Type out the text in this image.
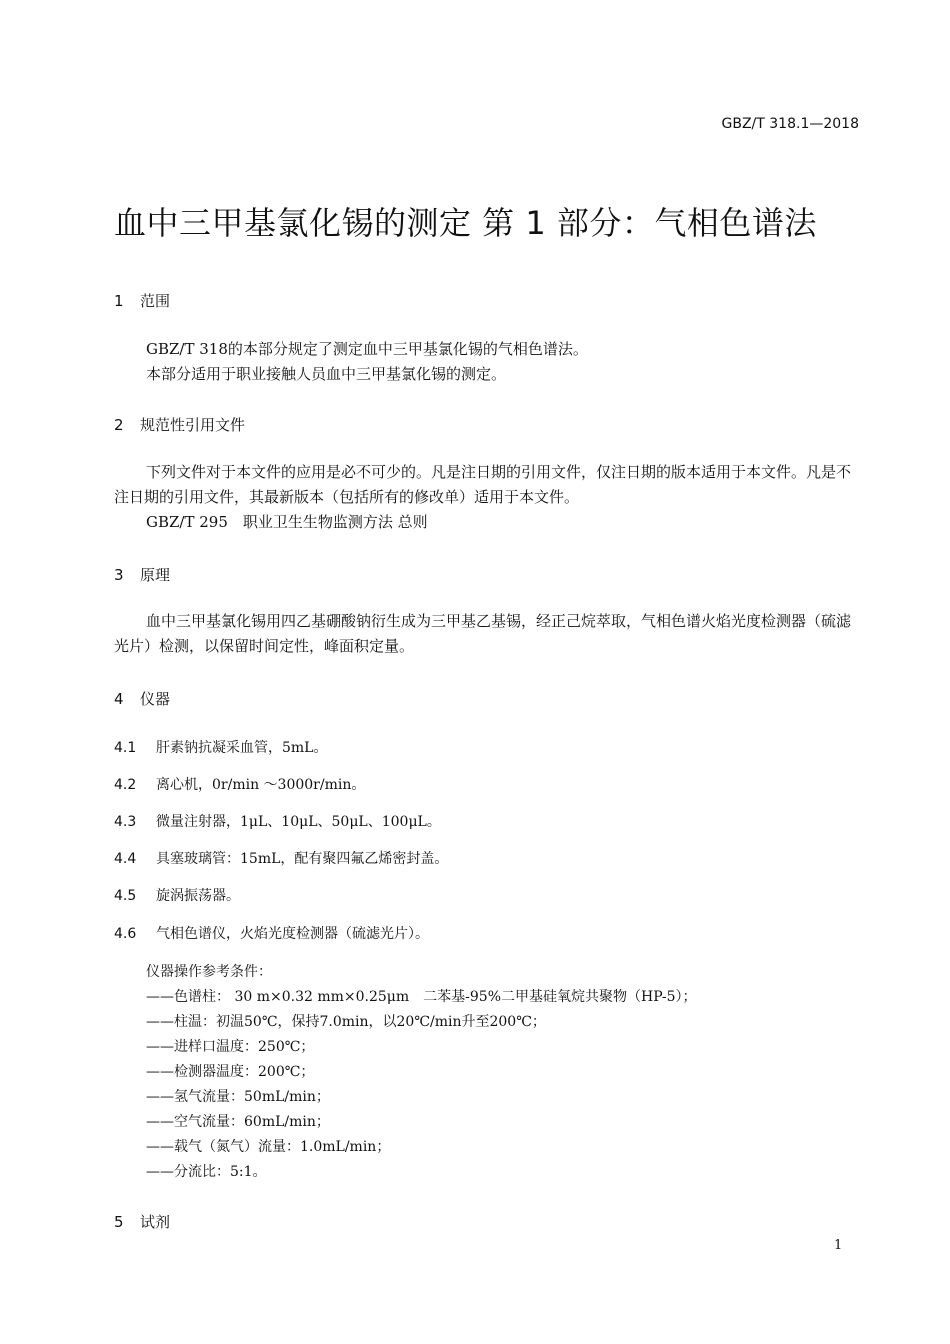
GBZ/T 318.1—2018
血中三甲基氯化锡的测定 第 1 部分：气相色谱法
1 范围
GBZ/T 318的本部分规定了测定血中三甲基氯化锡的气相色谱法。
本部分适用于职业接触人员血中三甲基氯化锡的测定。
2 规范性引用文件
下列文件对于本文件的应用是必不可少的。凡是注日期的引用文件，仅注日期的版本适用于本文件。凡是不注日期的引用文件，其最新版本（包括所有的修改单）适用于本文件。
GBZ/T 295　职业卫生生物监测方法 总则
3 原理
血中三甲基氯化锡用四乙基硼酸钠衍生成为三甲基乙基锡，经正己烷萃取，气相色谱火焰光度检测器（硫滤光片）检测，以保留时间定性，峰面积定量。
4 仪器
4.1 肝素钠抗凝采血管，5mL。
4.2 离心机，0r/min ～3000r/min。
4.3 微量注射器，1μL、10μL、50μL、100μL。
4.4 具塞玻璃管：15mL，配有聚四氟乙烯密封盖。
4.5 旋涡振荡器。
4.6 气相色谱仪，火焰光度检测器（硫滤光片）。
仪器操作参考条件：
——色谱柱： 30 m×0.32 mm×0.25μm　二苯基-95%二甲基硅氧烷共聚物（HP-5）；
——柱温：初温50℃，保持7.0min，以20℃/min升至200℃；
——进样口温度：250℃；
——检测器温度：200℃；
——氢气流量：50mL/min；
——空气流量：60mL/min；
——载气（氮气）流量：1.0mL/min；
——分流比：5:1。
5 试剂
1
